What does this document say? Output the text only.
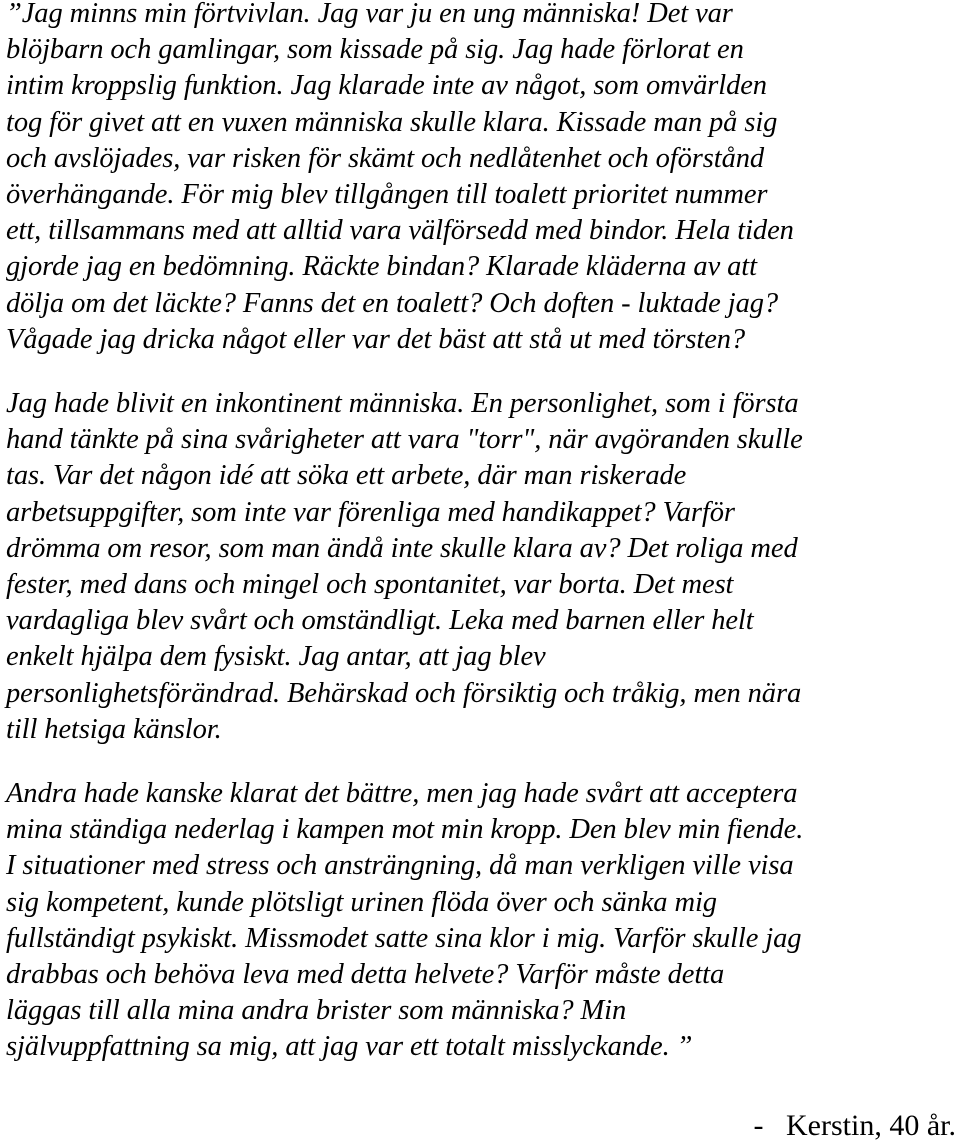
”Jag minns min förtvivlan. Jag var ju en ung människa! Det var
blöjbarn och gamlingar, som kissade på sig. Jag hade förlorat en
intim kroppslig funktion. Jag klarade inte av något, som omvärlden
tog för givet att en vuxen människa skulle klara. Kissade man på sig
och avslöjades, var risken för skämt och nedlåtenhet och oförstånd
överhängande. För mig blev tillgången till toalett prioritet nummer
ett, tillsammans med att alltid vara välförsedd med bindor. Hela tiden
gjorde jag en bedömning. Räckte bindan? Klarade kläderna av att
dölja om det läckte? Fanns det en toalett? Och doften - luktade jag?
Vågade jag dricka något eller var det bäst att stå ut med törsten?

Jag hade blivit en inkontinent människa. En personlighet, som i första
hand tänkte på sina svårigheter att vara "torr", när avgöranden skulle
tas. Var det någon idé att söka ett arbete, där man riskerade
arbetsuppgifter, som inte var förenliga med handikappet? Varför
drömma om resor, som man ändå inte skulle klara av? Det roliga med
fester, med dans och mingel och spontanitet, var borta. Det mest
vardagliga blev svårt och omständligt. Leka med barnen eller helt
enkelt hjälpa dem fysiskt. Jag antar, att jag blev
personlighetsförändrad. Behärskad och försiktig och tråkig, men nära
till hetsiga känslor.

Andra hade kanske klarat det bättre, men jag hade svårt att acceptera
mina ständiga nederlag i kampen mot min kropp. Den blev min fiende.
I situationer med stress och ansträngning, då man verkligen ville visa
sig kompetent, kunde plötsligt urinen flöda över och sänka mig
fullständigt psykiskt. Missmodet satte sina klor i mig. Varför skulle jag
drabbas och behöva leva med detta helvete? Varför måste detta
läggas till alla mina andra brister som människa? Min
självuppfattning sa mig, att jag var ett totalt misslyckande. ”

-   Kerstin, 40 år.
